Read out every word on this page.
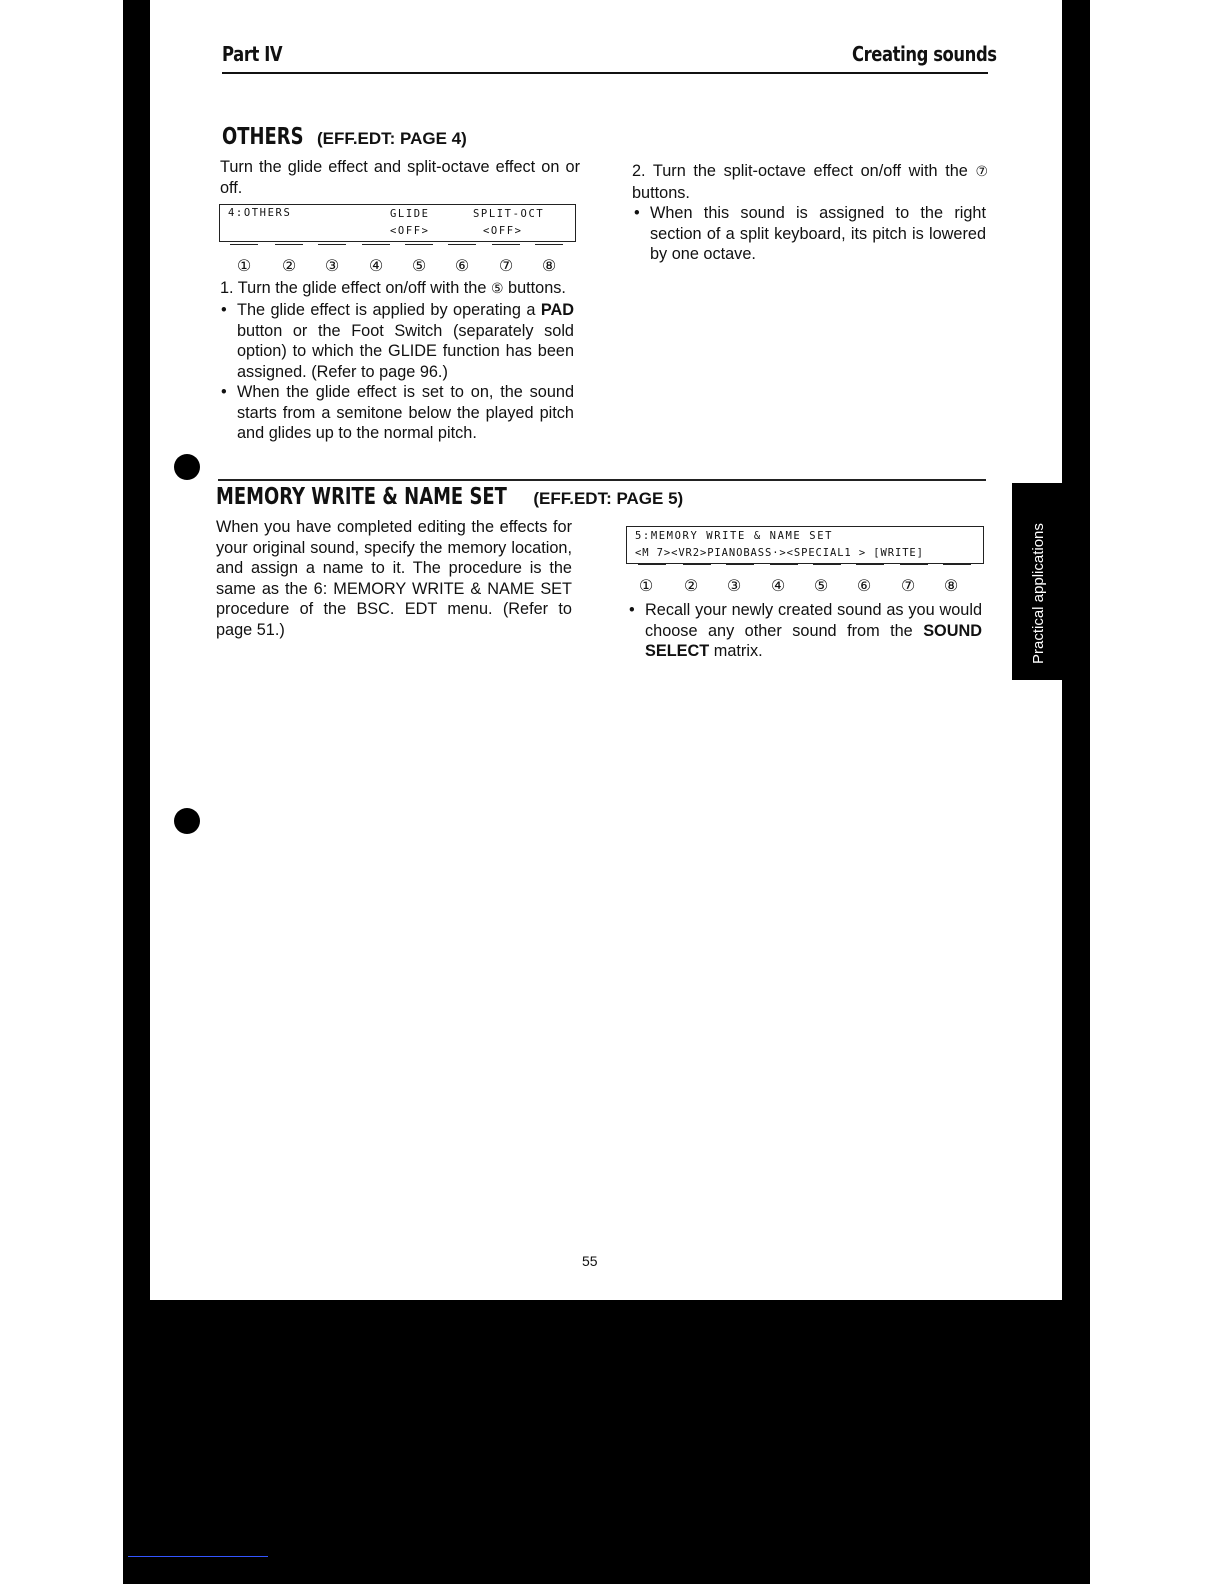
Part IV	Creating sounds
OTHERS (EFF.EDT: PAGE 4)
Turn the glide effect and split-octave effect on or off.
4:OTHERS	GLIDE
<OFF>
SPLIT-OCT
<OFF>
① ② ③ ④ ⑤ ⑥ ⑦ ⑧
1. Turn the glide effect on/off with the ⑤ buttons.
• The glide effect is applied by operating a PAD button or the Foot Switch (separately sold option) to which the GLIDE function has been assigned. (Refer to page 96.)
• When the glide effect is set to on, the sound starts from a semitone below the played pitch and glides up to the normal pitch.
2. Turn the split-octave effect on/off with the ⑦ buttons.
• When this sound is assigned to the right section of a split keyboard, its pitch is lowered by one octave.
MEMORY WRITE & NAME SET (EFF.EDT: PAGE 5)
When you have completed editing the effects for your original sound, specify the memory location, and assign a name to it. The procedure is the same as the 6: MEMORY WRITE & NAME SET procedure of the BSC. EDT menu. (Refer to page 51.)
5:MEMORY WRITE & NAME SET
<M 7><VR2>PIANOBASS·><SPECIAL1 > [WRITE]
① ② ③ ④ ⑤ ⑥ ⑦ ⑧
• Recall your newly created sound as you would choose any other sound from the SOUND SELECT matrix.
55
Practical applications
